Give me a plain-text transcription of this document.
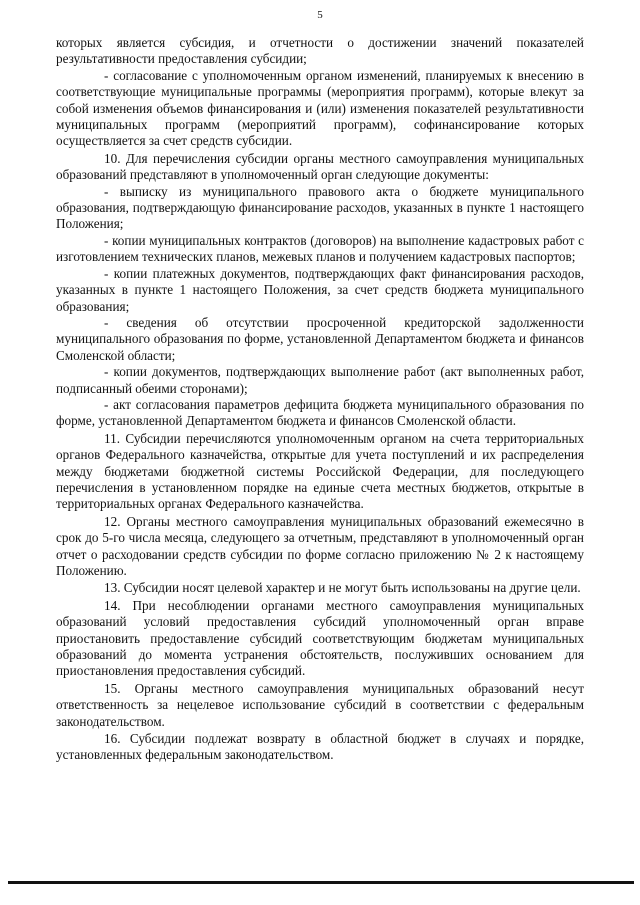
5

которых является субсидия, и отчетности о достижении значений показателей результативности предоставления субсидии;

- согласование с уполномоченным органом изменений, планируемых к внесению в соответствующие муниципальные программы (мероприятия программ), которые влекут за собой изменения объемов финансирования и (или) изменения показателей результативности муниципальных программ (мероприятий программ), софинансирование которых осуществляется за счет средств субсидии.

10. Для перечисления субсидии органы местного самоуправления муниципальных образований представляют в уполномоченный орган следующие документы:

- выписку из муниципального правового акта о бюджете муниципального образования, подтверждающую финансирование расходов, указанных в пункте 1 настоящего Положения;

- копии муниципальных контрактов (договоров) на выполнение кадастровых работ с изготовлением технических планов, межевых планов и получением кадастровых паспортов;

- копии платежных документов, подтверждающих факт финансирования расходов, указанных в пункте 1 настоящего Положения, за счет средств бюджета муниципального образования;

- сведения об отсутствии просроченной кредиторской задолженности муниципального образования по форме, установленной Департаментом бюджета и финансов Смоленской области;

- копии документов, подтверждающих выполнение работ (акт выполненных работ, подписанный обеими сторонами);

- акт согласования параметров дефицита бюджета муниципального образования по форме, установленной Департаментом бюджета и финансов Смоленской области.

11. Субсидии перечисляются уполномоченным органом на счета территориальных органов Федерального казначейства, открытые для учета поступлений и их распределения между бюджетами бюджетной системы Российской Федерации, для последующего перечисления в установленном порядке на единые счета местных бюджетов, открытые в территориальных органах Федерального казначейства.

12. Органы местного самоуправления муниципальных образований ежемесячно в срок до 5-го числа месяца, следующего за отчетным, представляют в уполномоченный орган отчет о расходовании средств субсидии по форме согласно приложению № 2 к настоящему Положению.

13. Субсидии носят целевой характер и не могут быть использованы на другие цели.

14. При несоблюдении органами местного самоуправления муниципальных образований условий предоставления субсидий уполномоченный орган вправе приостановить предоставление субсидий соответствующим бюджетам муниципальных образований до момента устранения обстоятельств, послуживших основанием для приостановления предоставления субсидий.

15. Органы местного самоуправления муниципальных образований несут ответственность за нецелевое использование субсидий в соответствии с федеральным законодательством.

16. Субсидии подлежат возврату в областной бюджет в случаях и порядке, установленных федеральным законодательством.
